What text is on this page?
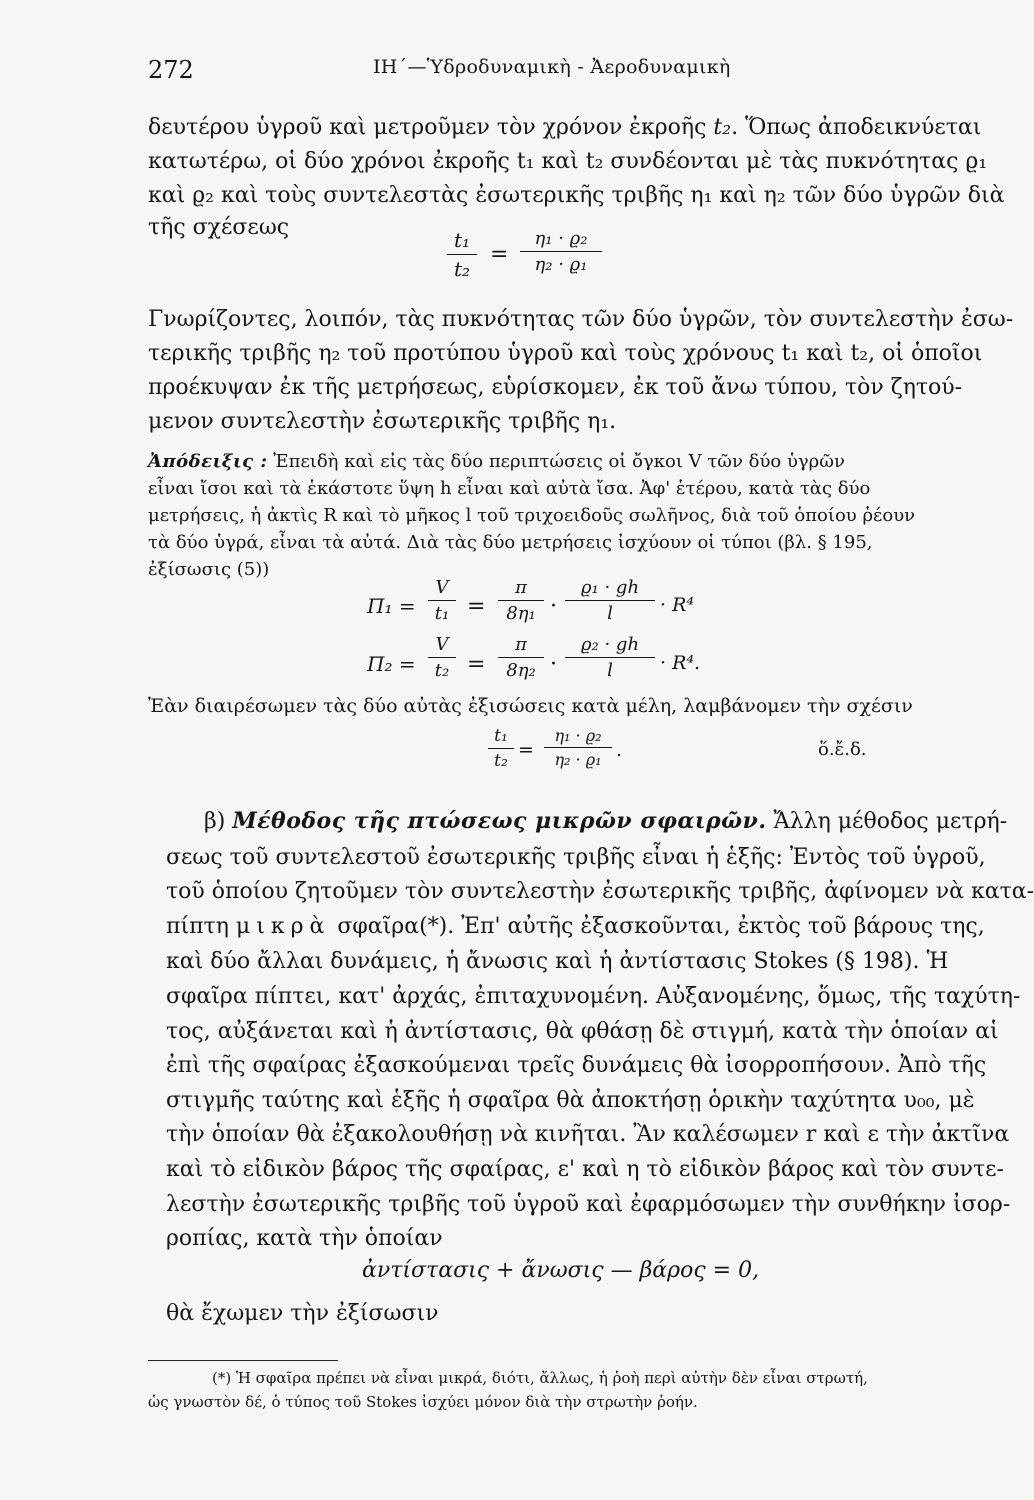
272	ΙΗ΄—Ὑδροδυναμικὴ - Ἀεροδυναμικὴ
δευτέρου ὑγροῦ καὶ μετροῦμεν τὸν χρόνον ἐκροῆς t₂. Ὅπως ἀποδεικνύεται
κατωτέρω, οἱ δύο χρόνοι ἐκροῆς t₁ καὶ t₂ συνδέονται μὲ τὰς πυκνότητας ϱ₁
καὶ ϱ₂ καὶ τοὺς συντελεστὰς ἐσωτερικῆς τριβῆς η₁ καὶ η₂ τῶν δύο ὑγρῶν διὰ
τῆς σχέσεως	t₁
t₂
=
η₁ · ϱ₂
η₂ · ϱ₁
Γνωρίζοντες, λοιπόν, τὰς πυκνότητας τῶν δύο ὑγρῶν, τὸν συντελεστὴν ἐσω-
τερικῆς τριβῆς η₂ τοῦ προτύπου ὑγροῦ καὶ τοὺς χρόνους t₁ καὶ t₂, οἱ ὁποῖοι
προέκυψαν ἐκ τῆς μετρήσεως, εὑρίσκομεν, ἐκ τοῦ ἄνω τύπου, τὸν ζητού-
μενον συντελεστὴν ἐσωτερικῆς τριβῆς η₁.
Ἀπόδειξις : Ἐπειδὴ καὶ εἰς τὰς δύο περιπτώσεις οἱ ὄγκοι V τῶν δύο ὑγρῶν
εἶναι ἴσοι καὶ τὰ ἑκάστοτε ὕψη h εἶναι καὶ αὐτὰ ἴσα. Ἀφ' ἑτέρου, κατὰ τὰς δύο
μετρήσεις, ἡ ἀκτὶς R καὶ τὸ μῆκος l τοῦ τριχοειδοῦς σωλῆνος, διὰ τοῦ ὁποίου ῥέουν
τὰ δύο ὑγρά, εἶναι τὰ αὐτά. Διὰ τὰς δύο μετρήσεις ἰσχύουν οἱ τύποι (βλ. § 195,
ἐξίσωσις (5))
Π₁ =
V
t₁ =
π
8η₁ ·
ϱ₁ · gh
l	· R⁴
Π₂ =
V
t₂ =
π
8η₂ ·
ϱ₂ · gh
l	· R⁴.
Ἐὰν διαιρέσωμεν τὰς δύο αὐτὰς ἐξισώσεις κατὰ μέλη, λαμβάνομεν τὴν σχέσιν
t₁
t₂ =
η₁ · ϱ₂
η₂ · ϱ₁ .	ὅ.ἔ.δ.
β) Μέθοδος τῆς πτώσεως μικρῶν σφαιρῶν. Ἄλλη μέθοδος μετρή-
σεως τοῦ συντελεστοῦ ἐσωτερικῆς τριβῆς εἶναι ἡ ἑξῆς: Ἐντὸς τοῦ ὑγροῦ,
τοῦ ὁποίου ζητοῦμεν τὸν συντελεστὴν ἐσωτερικῆς τριβῆς, ἀφίνομεν νὰ κατα-
πίπτη μικρὰ σφαῖρα(*). Ἐπ' αὐτῆς ἐξασκοῦνται, ἐκτὸς τοῦ βάρους της,
καὶ δύο ἄλλαι δυνάμεις, ἡ ἄνωσις καὶ ἡ ἀντίστασις Stokes (§ 198). Ἡ
σφαῖρα πίπτει, κατ' ἀρχάς, ἐπιταχυνομένη. Αὐξανομένης, ὅμως, τῆς ταχύτη-
τος, αὐξάνεται καὶ ἡ ἀντίστασις, θὰ φθάσῃ δὲ στιγμή, κατὰ τὴν ὁποίαν αἱ
ἐπὶ τῆς σφαίρας ἐξασκούμεναι τρεῖς δυνάμεις θὰ ἰσορροπήσουν. Ἀπὸ τῆς
στιγμῆς ταύτης καὶ ἑξῆς ἡ σφαῖρα θὰ ἀποκτήσῃ ὁρικὴν ταχύτητα υ₀₀, μὲ
τὴν ὁποίαν θὰ ἐξακολουθήσῃ νὰ κινῆται. Ἂν καλέσωμεν r καὶ ε τὴν ἀκτῖνα
καὶ τὸ εἰδικὸν βάρος τῆς σφαίρας, ε' καὶ η τὸ εἰδικὸν βάρος καὶ τὸν συντε-
λεστὴν ἐσωτερικῆς τριβῆς τοῦ ὑγροῦ καὶ ἐφαρμόσωμεν τὴν συνθήκην ἰσορ-
ροπίας, κατὰ τὴν ὁποίαν
ἀντίστασις + ἄνωσις — βάρος = 0,
θὰ ἔχωμεν τὴν ἐξίσωσιν
(*) Ἡ σφαῖρα πρέπει νὰ εἶναι μικρά, διότι, ἄλλως, ἡ ῥοὴ περὶ αὐτὴν δὲν εἶναι στρωτή,
ὡς γνωστὸν δέ, ὁ τύπος τοῦ Stokes ἰσχύει μόνον διὰ τὴν στρωτὴν ῥοήν.
